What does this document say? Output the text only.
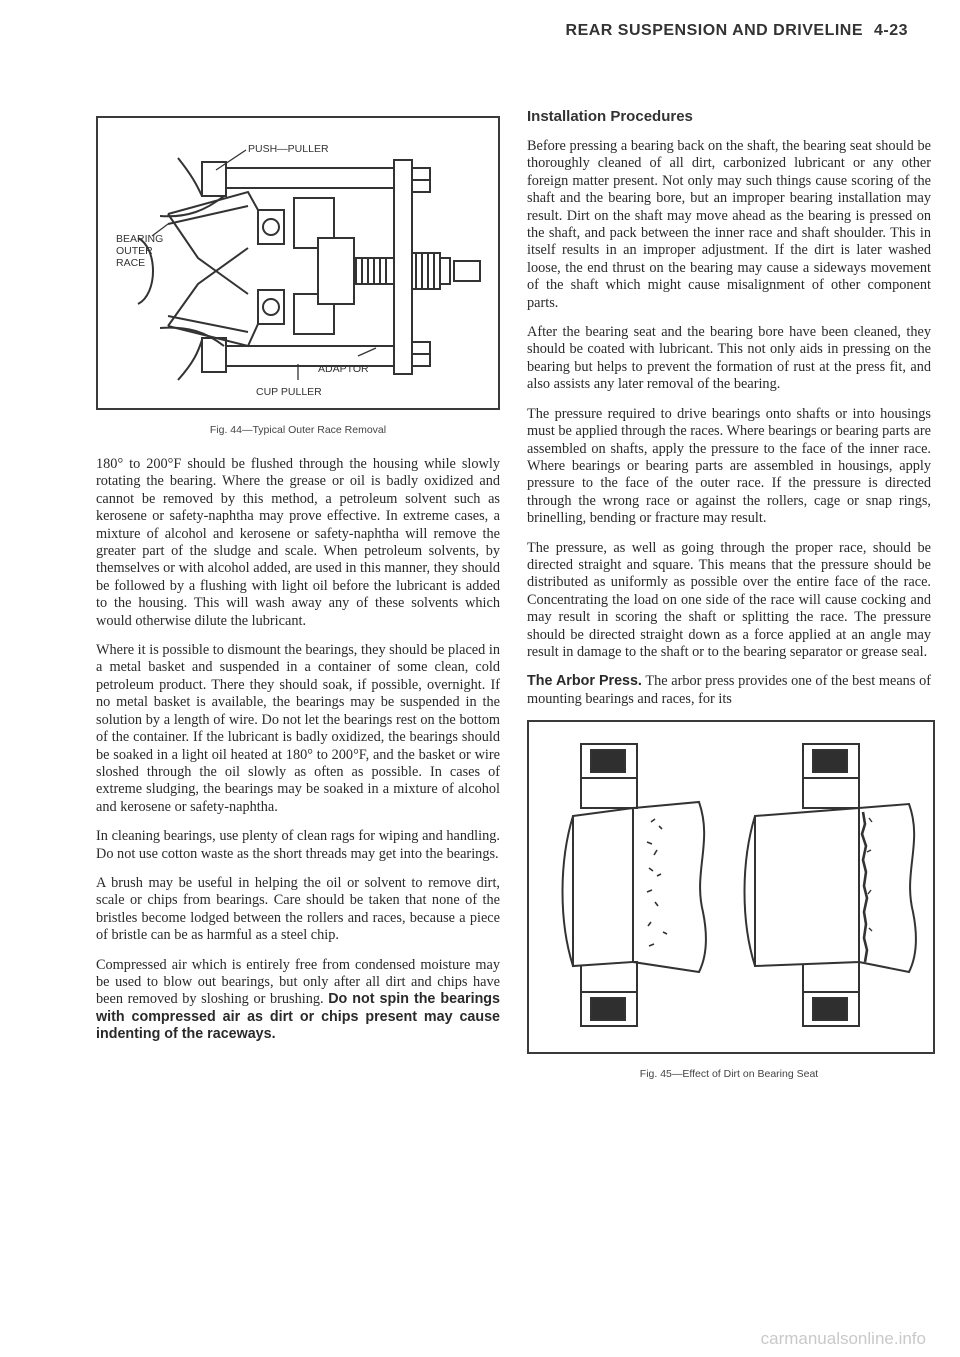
REAR SUSPENSION AND DRIVELINE 4-23
PUSH—PULLER
BEARING
OUTER
RACE
ADAPTOR
CUP PULLER

Fig. 44—Typical Outer Race Removal

180° to 200°F should be flushed through the housing while slowly rotating the bearing. Where the grease or oil is badly oxidized and cannot be removed by this method, a petroleum solvent such as kerosene or safety-naphtha may prove effective. In extreme cases, a mixture of alcohol and kerosene or safety-naphtha will remove the greater part of the sludge and scale. When petroleum solvents, by themselves or with alcohol added, are used in this manner, they should be followed by a flushing with light oil before the lubricant is added to the housing. This will wash away any of these solvents which would otherwise dilute the lubricant.

Where it is possible to dismount the bearings, they should be placed in a metal basket and suspended in a container of some clean, cold petroleum product. There they should soak, if possible, overnight. If no metal basket is available, the bearings may be suspended in the solution by a length of wire. Do not let the bearings rest on the bottom of the container. If the lubricant is badly oxidized, the bearings should be soaked in a light oil heated at 180° to 200°F, and the basket or wire sloshed through the oil slowly as often as possible. In cases of extreme sludging, the bearings may be soaked in a mixture of alcohol and kerosene or safety-naphtha.

In cleaning bearings, use plenty of clean rags for wiping and handling. Do not use cotton waste as the short threads may get into the bearings.

A brush may be useful in helping the oil or solvent to remove dirt, scale or chips from bearings. Care should be taken that none of the bristles become lodged between the rollers and races, because a piece of bristle can be as harmful as a steel chip.

Compressed air which is entirely free from condensed moisture may be used to blow out bearings, but only after all dirt and chips have been removed by sloshing or brushing. Do not spin the bearings with compressed air as dirt or chips present may cause indenting of the raceways.

Installation Procedures

Before pressing a bearing back on the shaft, the bearing seat should be thoroughly cleaned of all dirt, carbonized lubricant or any other foreign matter present. Not only may such things cause scoring of the shaft and the bearing bore, but an improper bearing installation may result. Dirt on the shaft may move ahead as the bearing is pressed on the shaft, and pack between the inner race and shaft shoulder. This in itself results in an improper adjustment. If the dirt is later washed loose, the end thrust on the bearing may cause a sideways movement of the shaft which might cause misalignment of other component parts.

After the bearing seat and the bearing bore have been cleaned, they should be coated with lubricant. This not only aids in pressing on the bearing but helps to prevent the formation of rust at the press fit, and also assists any later removal of the bearing.

The pressure required to drive bearings onto shafts or into housings must be applied through the races. Where bearings or bearing parts are assembled on shafts, apply the pressure to the face of the inner race. Where bearings or bearing parts are assembled in housings, apply pressure to the face of the outer race. If the pressure is directed through the wrong race or against the rollers, cage or snap rings, brinelling, bending or fracture may result.

The pressure, as well as going through the proper race, should be directed straight and square. This means that the pressure should be distributed as uniformly as possible over the entire face of the race. Concentrating the load on one side of the race will cause cocking and may result in scoring the shaft or splitting the race. The pressure should be directed straight down as a force applied at an angle may result in damage to the shaft or to the bearing separator or grease seal.

The Arbor Press. The arbor press provides one of the best means of mounting bearings and races, for its

Fig. 45—Effect of Dirt on Bearing Seat

carmanualsonline.info
